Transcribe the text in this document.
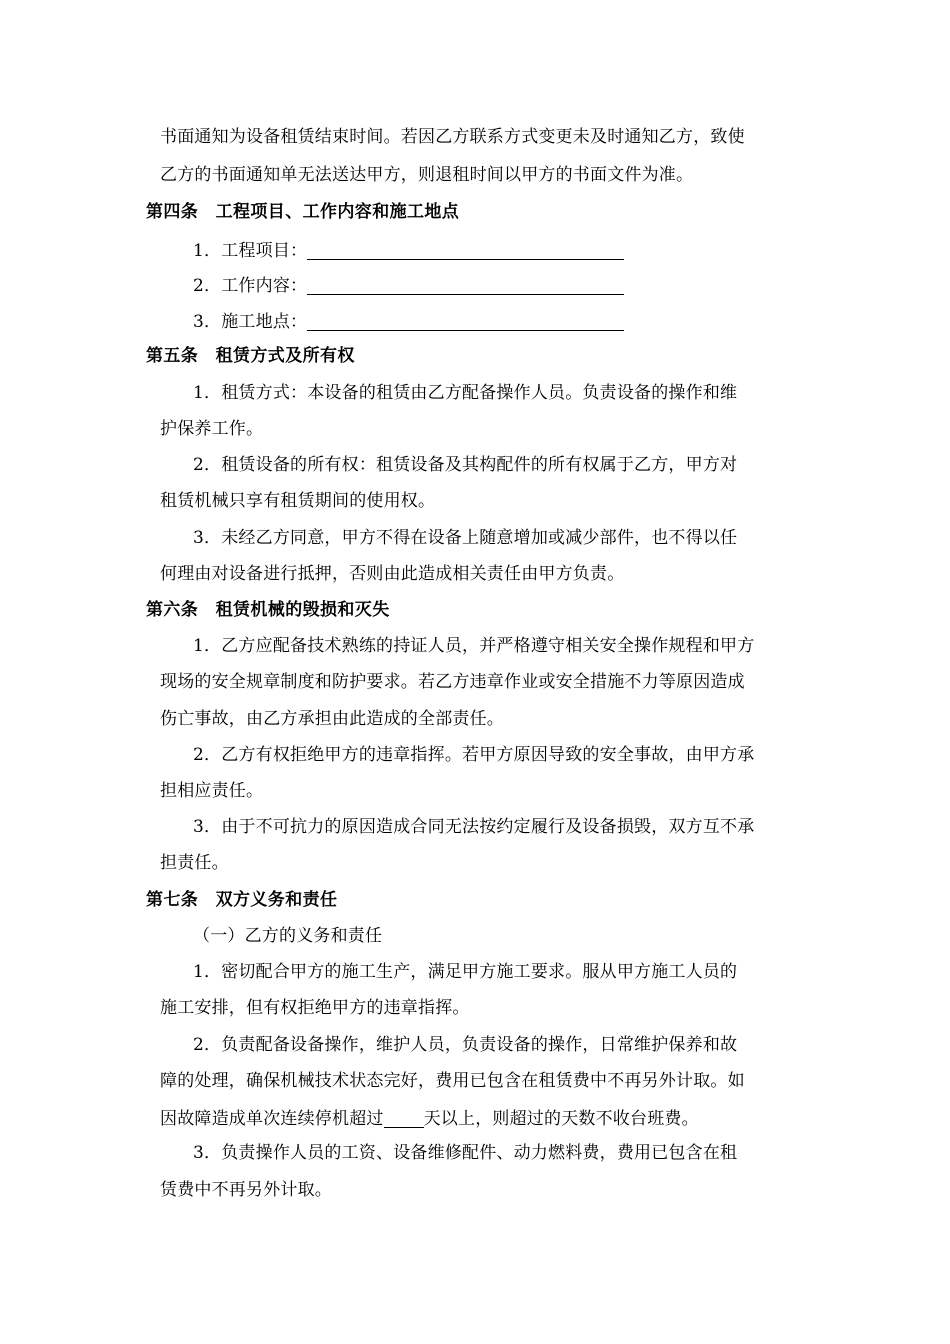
书面通知为设备租赁结束时间。若因乙方联系方式变更未及时通知乙方，致使
乙方的书面通知单无法送达甲方，则退租时间以甲方的书面文件为准。
第四条　工程项目、工作内容和施工地点
1．工程项目：
2．工作内容：
3．施工地点：
第五条　租赁方式及所有权
1．租赁方式：本设备的租赁由乙方配备操作人员。负责设备的操作和维
护保养工作。
2．租赁设备的所有权：租赁设备及其构配件的所有权属于乙方，甲方对
租赁机械只享有租赁期间的使用权。
3．未经乙方同意，甲方不得在设备上随意增加或减少部件，也不得以任
何理由对设备进行抵押，否则由此造成相关责任由甲方负责。
第六条　租赁机械的毁损和灭失
1．乙方应配备技术熟练的持证人员，并严格遵守相关安全操作规程和甲方
现场的安全规章制度和防护要求。若乙方违章作业或安全措施不力等原因造成
伤亡事故，由乙方承担由此造成的全部责任。
2．乙方有权拒绝甲方的违章指挥。若甲方原因导致的安全事故，由甲方承
担相应责任。
3．由于不可抗力的原因造成合同无法按约定履行及设备损毁，双方互不承
担责任。
第七条　双方义务和责任
（一）乙方的义务和责任
1．密切配合甲方的施工生产，满足甲方施工要求。服从甲方施工人员的
施工安排，但有权拒绝甲方的违章指挥。
2．负责配备设备操作，维护人员，负责设备的操作，日常维护保养和故
障的处理，确保机械技术状态完好，费用已包含在租赁费中不再另外计取。如
因故障造成单次连续停机超过 天以上，则超过的天数不收台班费。
3．负责操作人员的工资、设备维修配件、动力燃料费，费用已包含在租
赁费中不再另外计取。
